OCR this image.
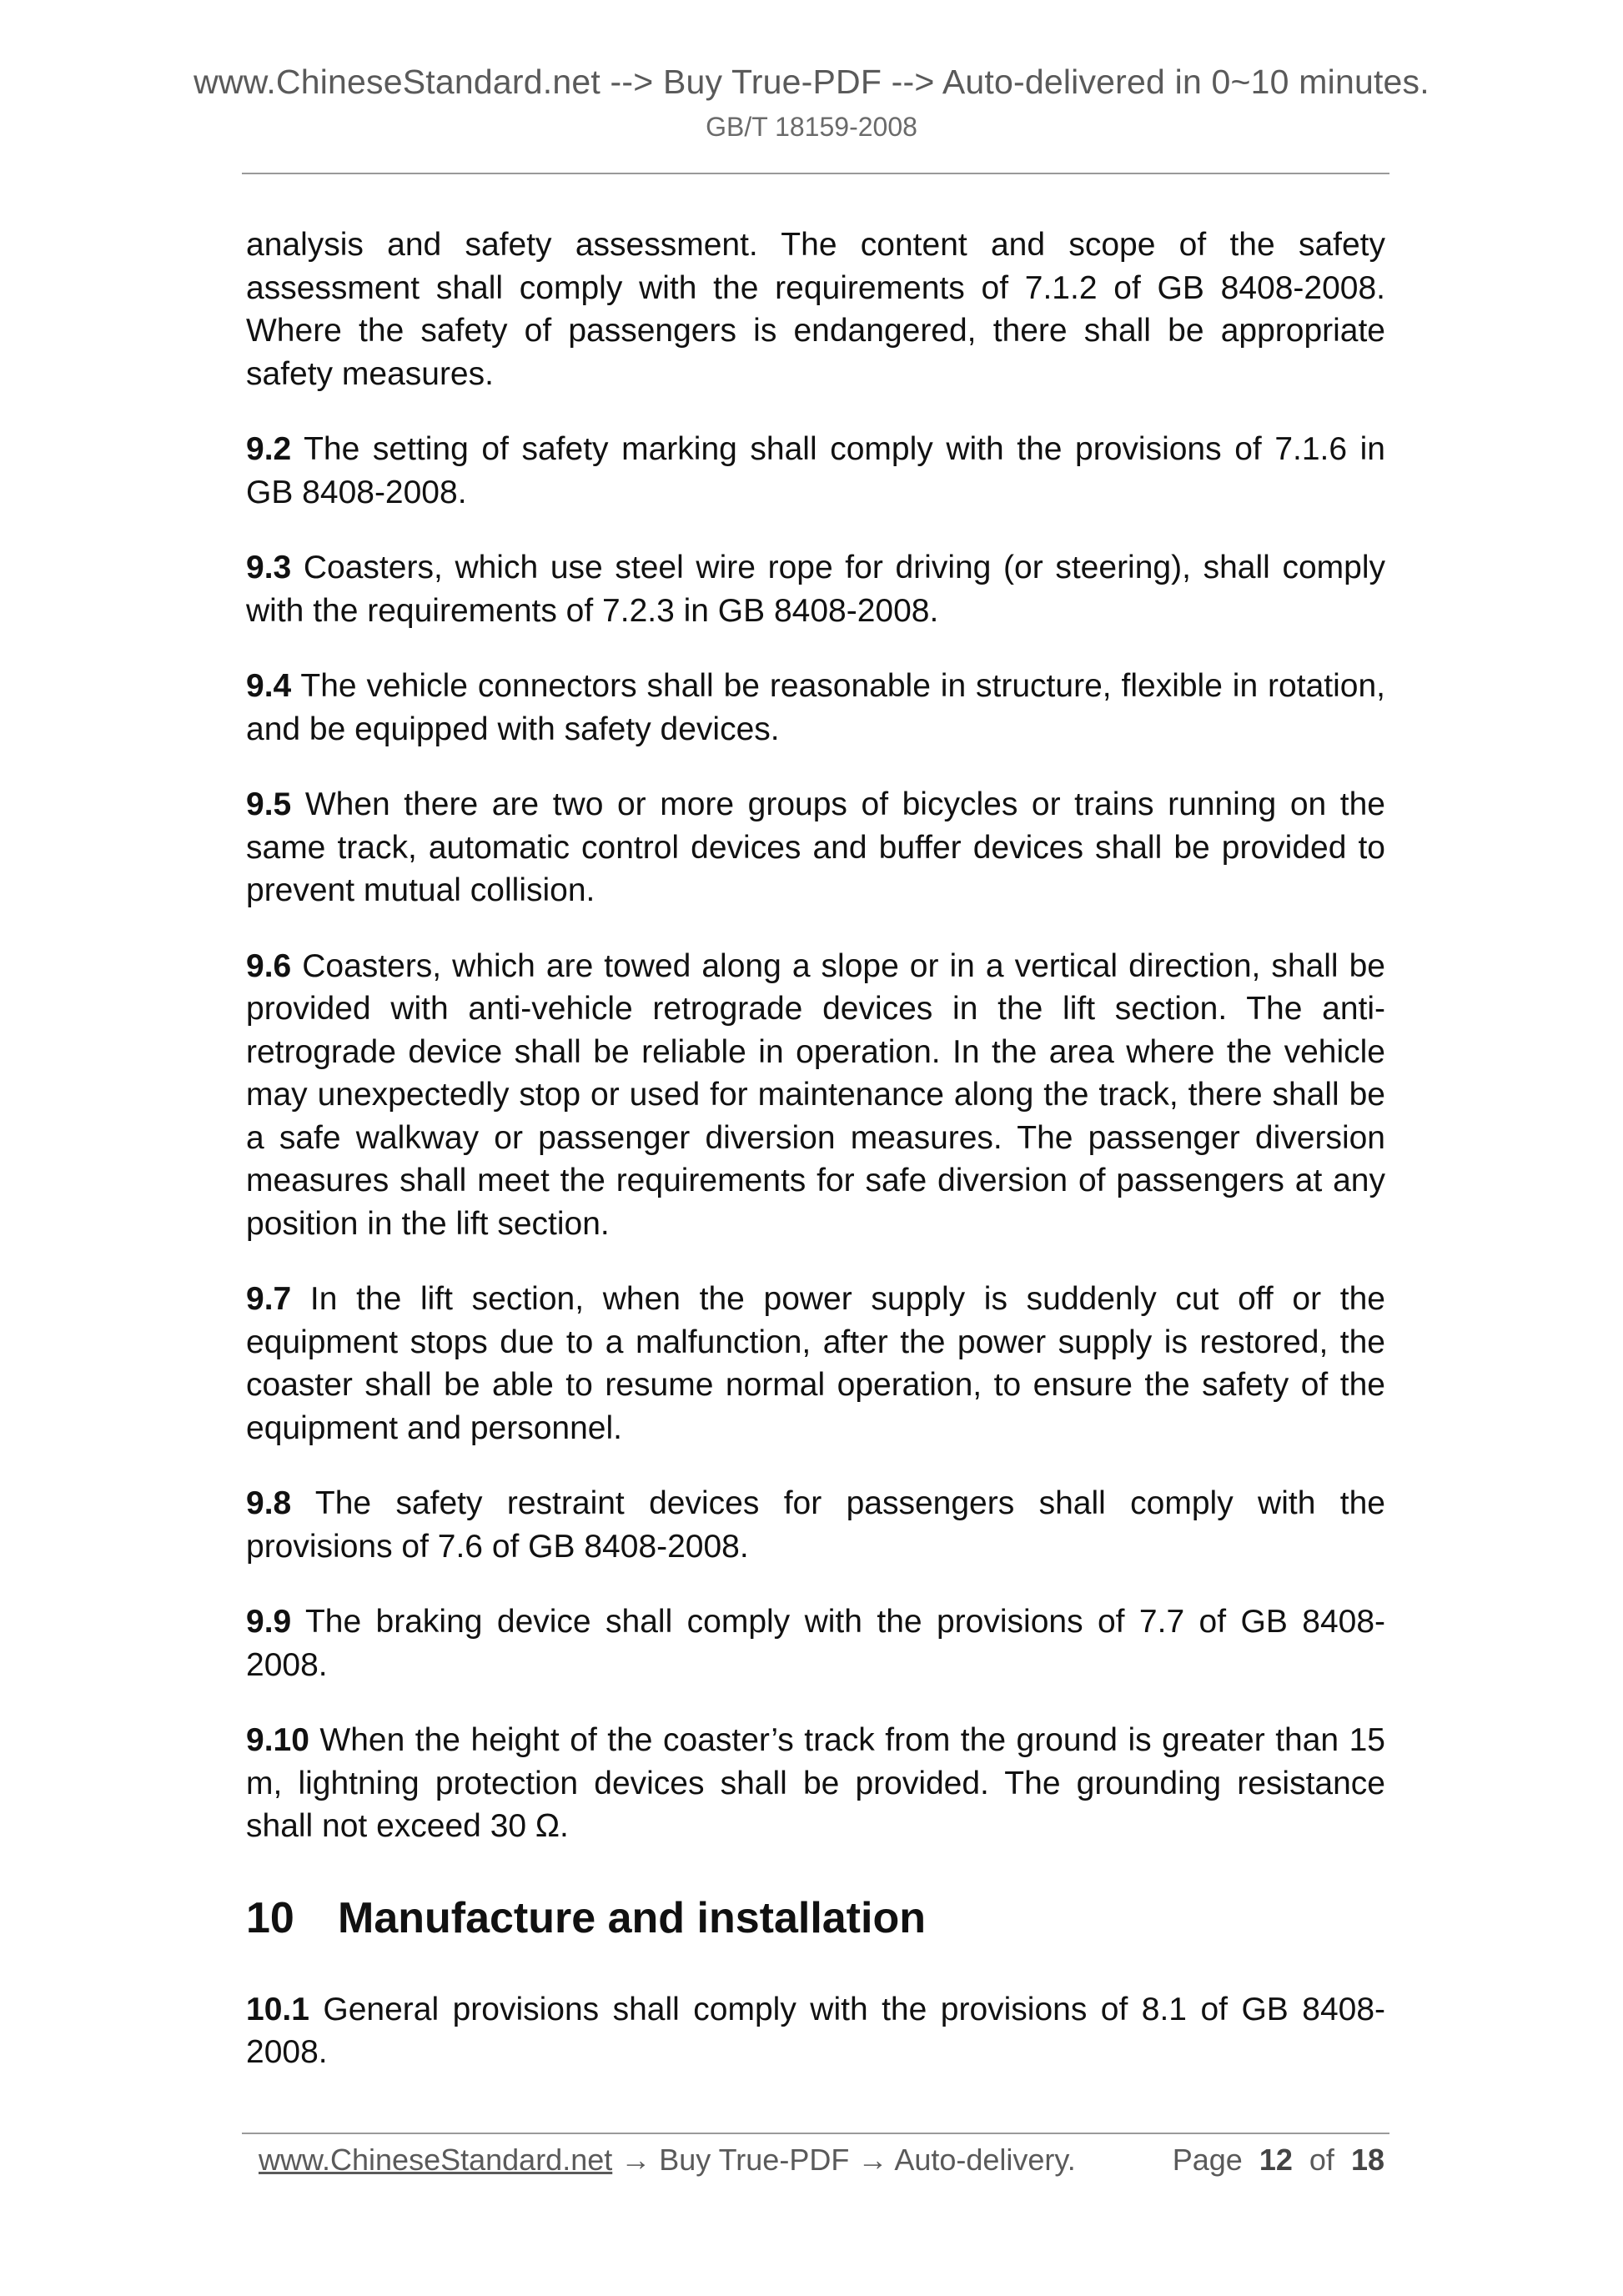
www.ChineseStandard.net --> Buy True-PDF --> Auto-delivered in 0~10 minutes.
GB/T 18159-2008

analysis and safety assessment. The content and scope of the safety assessment shall comply with the requirements of 7.1.2 of GB 8408-2008. Where the safety of passengers is endangered, there shall be appropriate safety measures.

9.2 The setting of safety marking shall comply with the provisions of 7.1.6 in GB 8408-2008.

9.3 Coasters, which use steel wire rope for driving (or steering), shall comply with the requirements of 7.2.3 in GB 8408-2008.

9.4 The vehicle connectors shall be reasonable in structure, flexible in rotation, and be equipped with safety devices.

9.5 When there are two or more groups of bicycles or trains running on the same track, automatic control devices and buffer devices shall be provided to prevent mutual collision.

9.6 Coasters, which are towed along a slope or in a vertical direction, shall be provided with anti-vehicle retrograde devices in the lift section. The anti-retrograde device shall be reliable in operation. In the area where the vehicle may unexpectedly stop or used for maintenance along the track, there shall be a safe walkway or passenger diversion measures. The passenger diversion measures shall meet the requirements for safe diversion of passengers at any position in the lift section.

9.7 In the lift section, when the power supply is suddenly cut off or the equipment stops due to a malfunction, after the power supply is restored, the coaster shall be able to resume normal operation, to ensure the safety of the equipment and personnel.

9.8 The safety restraint devices for passengers shall comply with the provisions of 7.6 of GB 8408-2008.

9.9 The braking device shall comply with the provisions of 7.7 of GB 8408-2008.

9.10 When the height of the coaster’s track from the ground is greater than 15 m, lightning protection devices shall be provided. The grounding resistance shall not exceed 30 Ω.

10 Manufacture and installation

10.1 General provisions shall comply with the provisions of 8.1 of GB 8408-2008.

www.ChineseStandard.net → Buy True-PDF → Auto-delivery.	Page 12 of 18
